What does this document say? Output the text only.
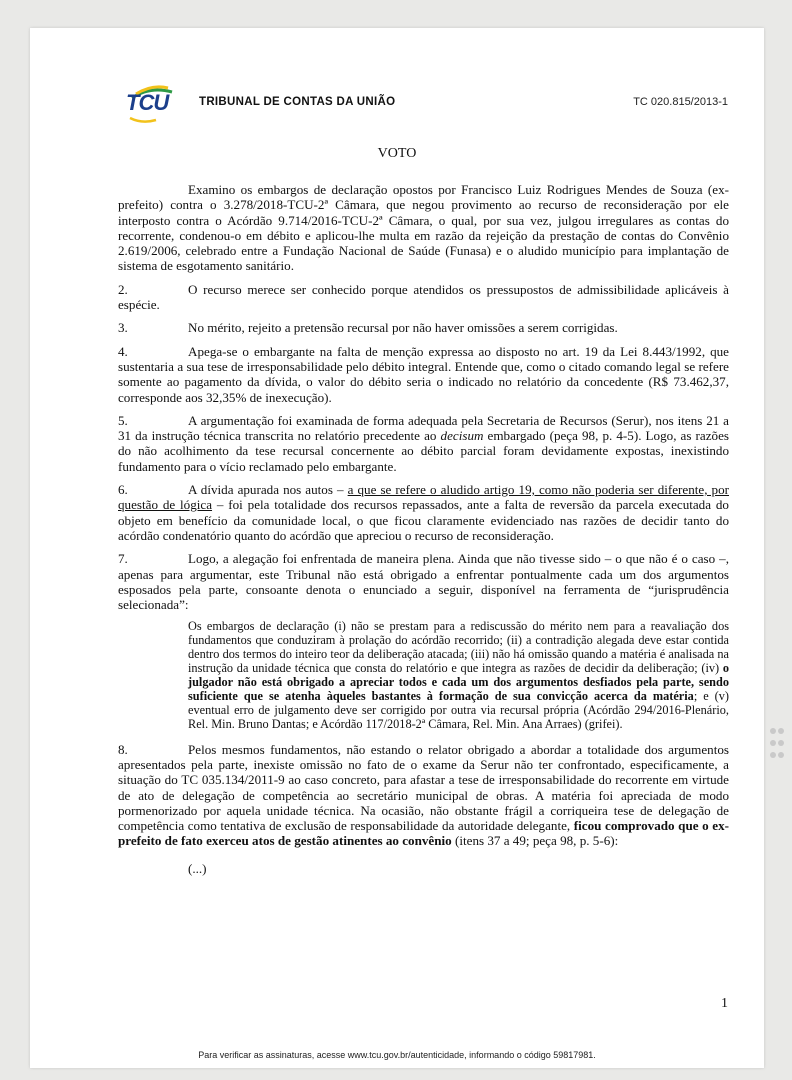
TCU	TRIBUNAL DE CONTAS DA UNIÃO	TC 020.815/2013-1
VOTO

Examino os embargos de declaração opostos por Francisco Luiz Rodrigues Mendes de Souza (ex-prefeito) contra o 3.278/2018-TCU-2ª Câmara, que negou provimento ao recurso de reconsideração por ele interposto contra o Acórdão 9.714/2016-TCU-2ª Câmara, o qual, por sua vez, julgou irregulares as contas do recorrente, condenou-o em débito e aplicou-lhe multa em razão da rejeição da prestação de contas do Convênio 2.619/2006, celebrado entre a Fundação Nacional de Saúde (Funasa) e o aludido município para implantação de sistema de esgotamento sanitário.

2.	O recurso merece ser conhecido porque atendidos os pressupostos de admissibilidade aplicáveis à espécie.

3.	No mérito, rejeito a pretensão recursal por não haver omissões a serem corrigidas.

4.	Apega-se o embargante na falta de menção expressa ao disposto no art. 19 da Lei 8.443/1992, que sustentaria a sua tese de irresponsabilidade pelo débito integral. Entende que, como o citado comando legal se refere somente ao pagamento da dívida, o valor do débito seria o indicado no relatório da concedente (R$ 73.462,37, corresponde aos 32,35% de inexecução).

5.	A argumentação foi examinada de forma adequada pela Secretaria de Recursos (Serur), nos itens 21 a 31 da instrução técnica transcrita no relatório precedente ao decisum embargado (peça 98, p. 4-5). Logo, as razões do não acolhimento da tese recursal concernente ao débito parcial foram devidamente expostas, inexistindo fundamento para o vício reclamado pelo embargante.

6.	A dívida apurada nos autos – a que se refere o aludido artigo 19, como não poderia ser diferente, por questão de lógica – foi pela totalidade dos recursos repassados, ante a falta de reversão da parcela executada do objeto em benefício da comunidade local, o que ficou claramente evidenciado nas razões de decidir tanto do acórdão condenatório quanto do acórdão que apreciou o recurso de reconsideração.

7.	Logo, a alegação foi enfrentada de maneira plena. Ainda que não tivesse sido – o que não é o caso –, apenas para argumentar, este Tribunal não está obrigado a enfrentar pontualmente cada um dos argumentos esposados pela parte, consoante denota o enunciado a seguir, disponível na ferramenta de “jurisprudência selecionada”:

Os embargos de declaração (i) não se prestam para a rediscussão do mérito nem para a reavaliação dos fundamentos que conduziram à prolação do acórdão recorrido; (ii) a contradição alegada deve estar contida dentro dos termos do inteiro teor da deliberação atacada; (iii) não há omissão quando a matéria é analisada na instrução da unidade técnica que consta do relatório e que integra as razões de decidir da deliberação; (iv) o julgador não está obrigado a apreciar todos e cada um dos argumentos desfiados pela parte, sendo suficiente que se atenha àqueles bastantes à formação de sua convicção acerca da matéria; e (v) eventual erro de julgamento deve ser corrigido por outra via recursal própria (Acórdão 294/2016-Plenário, Rel. Min. Bruno Dantas; e Acórdão 117/2018-2ª Câmara, Rel. Min. Ana Arraes) (grifei).

8.	Pelos mesmos fundamentos, não estando o relator obrigado a abordar a totalidade dos argumentos apresentados pela parte, inexiste omissão no fato de o exame da Serur não ter confrontado, especificamente, a situação do TC 035.134/2011-9 ao caso concreto, para afastar a tese de irresponsabilidade do recorrente em virtude de ato de delegação de competência ao secretário municipal de obras. A matéria foi apreciada de modo pormenorizado por aquela unidade técnica. Na ocasião, não obstante frágil a corriqueira tese de delegação de competência como tentativa de exclusão de responsabilidade da autoridade delegante, ficou comprovado que o ex-prefeito de fato exerceu atos de gestão atinentes ao convênio (itens 37 a 49; peça 98, p. 5-6):

(...)

1
Para verificar as assinaturas, acesse www.tcu.gov.br/autenticidade, informando o código 59817981.
